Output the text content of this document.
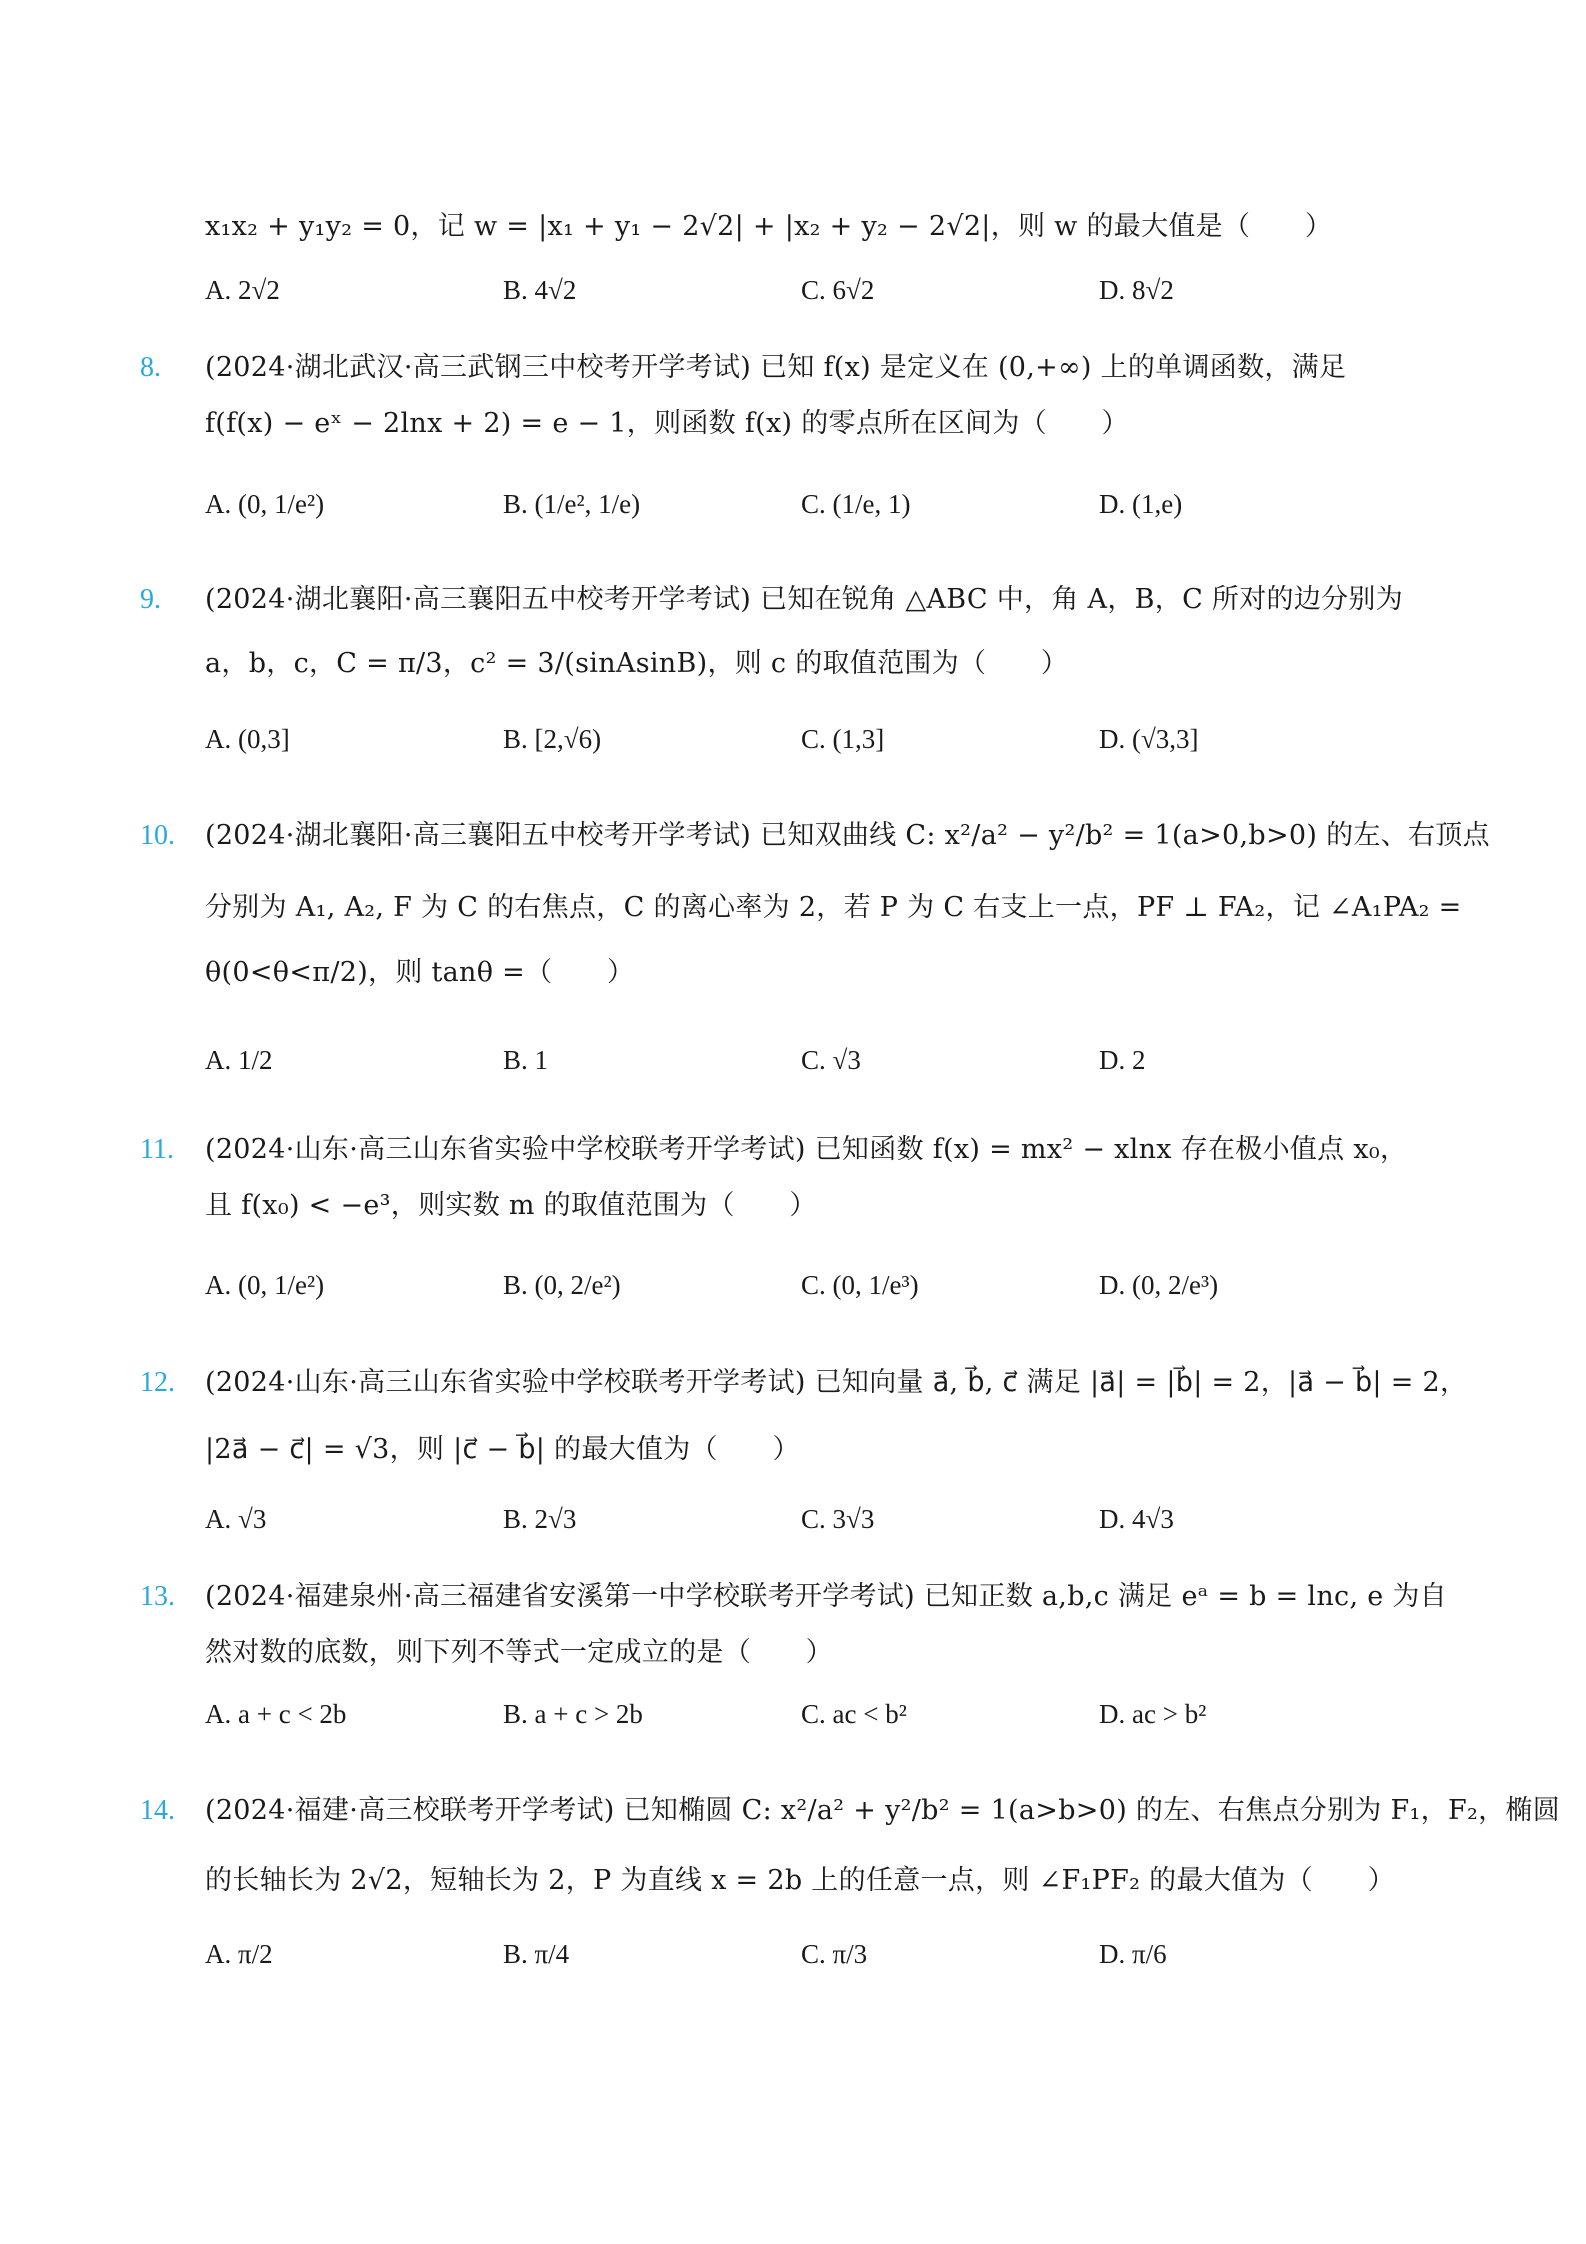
x₁x₂ + y₁y₂ = 0，记 w = |x₁ + y₁ − 2√2| + |x₂ + y₂ − 2√2|，则 w 的最大值是（　　）
A. 2√2	B. 4√2	C. 6√2	D. 8√2
8. (2024·湖北武汉·高三武钢三中校考开学考试) 已知 f(x) 是定义在 (0,+∞) 上的单调函数，满足
f(f(x) − eˣ − 2lnx + 2) = e − 1，则函数 f(x) 的零点所在区间为（　　）
A. (0, 1/e²)	B. (1/e², 1/e)	C. (1/e, 1)	D. (1,e)
9. (2024·湖北襄阳·高三襄阳五中校考开学考试) 已知在锐角 △ABC 中，角 A，B，C 所对的边分别为
a，b，c，C = π/3，c² = 3/(sinAsinB)，则 c 的取值范围为（　　）
A. (0,3]	B. [2,√6)	C. (1,3]	D. (√3,3]
10. (2024·湖北襄阳·高三襄阳五中校考开学考试) 已知双曲线 C: x²/a² − y²/b² = 1(a>0,b>0) 的左、右顶点
分别为 A₁, A₂, F 为 C 的右焦点，C 的离心率为 2，若 P 为 C 右支上一点，PF ⊥ FA₂，记 ∠A₁PA₂ =
θ(0<θ<π/2)，则 tanθ =（　　）
A. 1/2	B. 1	C. √3	D. 2
11. (2024·山东·高三山东省实验中学校联考开学考试) 已知函数 f(x) = mx² − xlnx 存在极小值点 x₀，
且 f(x₀) < −e³，则实数 m 的取值范围为（　　）
A. (0, 1/e²)	B. (0, 2/e²)	C. (0, 1/e³)	D. (0, 2/e³)
12. (2024·山东·高三山东省实验中学校联考开学考试) 已知向量 a⃗, b⃗, c⃗ 满足 |a⃗| = |b⃗| = 2，|a⃗ − b⃗| = 2，
|2a⃗ − c⃗| = √3，则 |c⃗ − b⃗| 的最大值为（　　）
A. √3	B. 2√3	C. 3√3	D. 4√3
13. (2024·福建泉州·高三福建省安溪第一中学校联考开学考试) 已知正数 a,b,c 满足 eᵃ = b = lnc, e 为自
然对数的底数，则下列不等式一定成立的是（　　）
A. a + c < 2b	B. a + c > 2b	C. ac < b²	D. ac > b²
14. (2024·福建·高三校联考开学考试) 已知椭圆 C: x²/a² + y²/b² = 1(a>b>0) 的左、右焦点分别为 F₁，F₂，椭圆
的长轴长为 2√2，短轴长为 2，P 为直线 x = 2b 上的任意一点，则 ∠F₁PF₂ 的最大值为（　　）
A. π/2	B. π/4	C. π/3	D. π/6
